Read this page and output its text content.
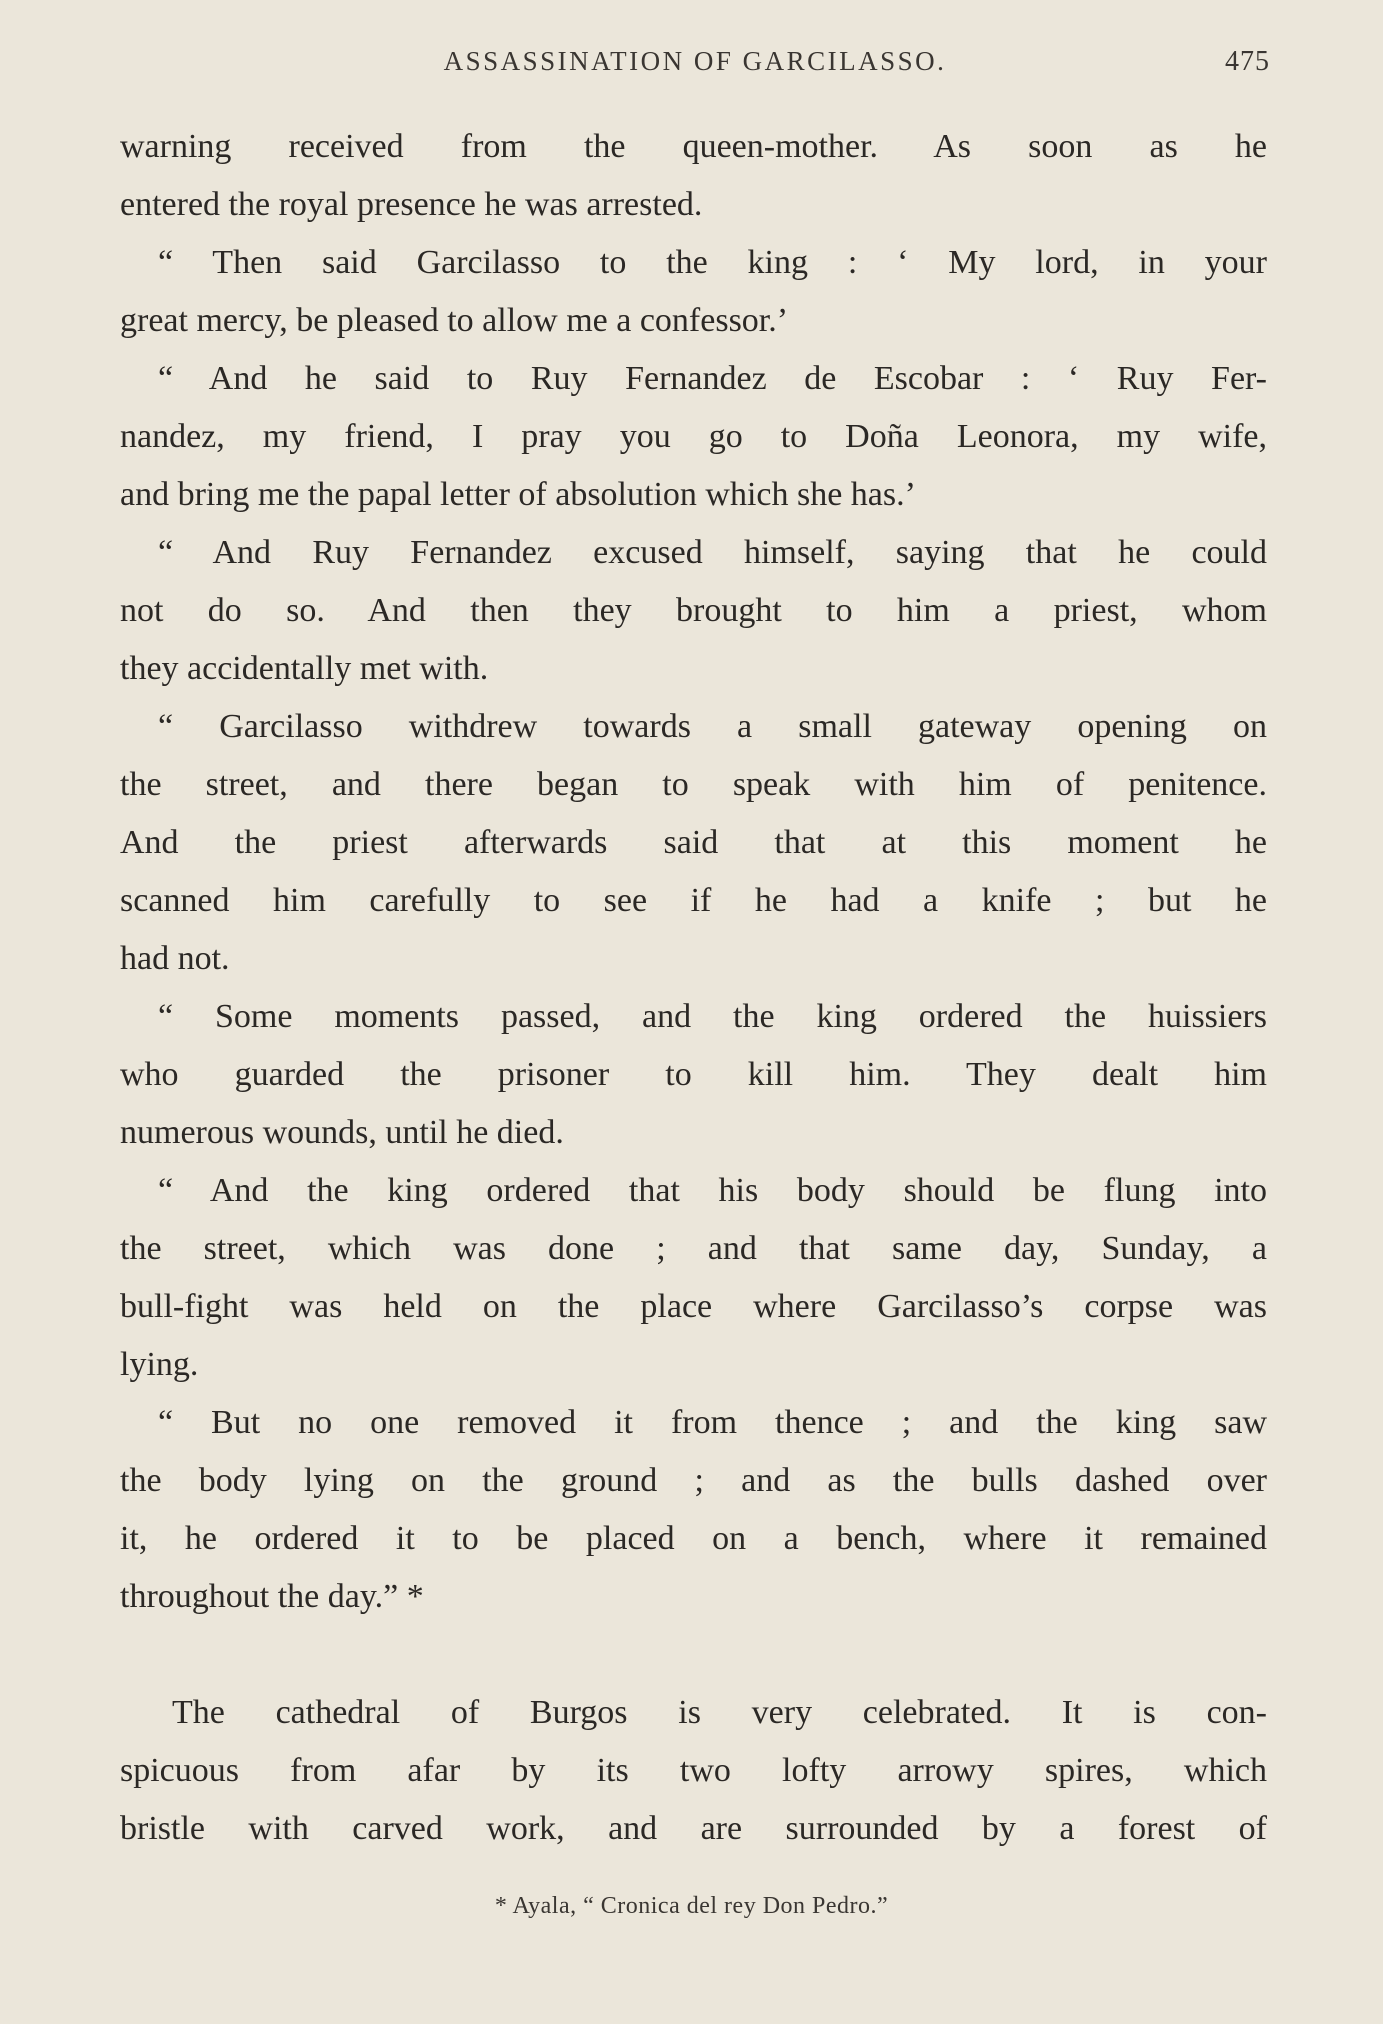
ASSASSINATION OF GARCILASSO.	475
warning received from the queen-mother. As soon as he
entered the royal presence he was arrested.
“ Then said Garcilasso to the king : ‘ My lord, in your
great mercy, be pleased to allow me a confessor.’
“ And he said to Ruy Fernandez de Escobar : ‘ Ruy Fer-
nandez, my friend, I pray you go to Doña Leonora, my wife,
and bring me the papal letter of absolution which she has.’
“ And Ruy Fernandez excused himself, saying that he could
not do so. And then they brought to him a priest, whom
they accidentally met with.
“ Garcilasso withdrew towards a small gateway opening on
the street, and there began to speak with him of penitence.
And the priest afterwards said that at this moment he
scanned him carefully to see if he had a knife ; but he
had not.
“ Some moments passed, and the king ordered the huissiers
who guarded the prisoner to kill him. They dealt him
numerous wounds, until he died.
“ And the king ordered that his body should be flung into
the street, which was done ; and that same day, Sunday, a
bull-fight was held on the place where Garcilasso’s corpse was
lying.
“ But no one removed it from thence ; and the king saw
the body lying on the ground ; and as the bulls dashed over
it, he ordered it to be placed on a bench, where it remained
throughout the day.” *
The cathedral of Burgos is very celebrated. It is con-
spicuous from afar by its two lofty arrowy spires, which
bristle with carved work, and are surrounded by a forest of
* Ayala, “ Cronica del rey Don Pedro.”
